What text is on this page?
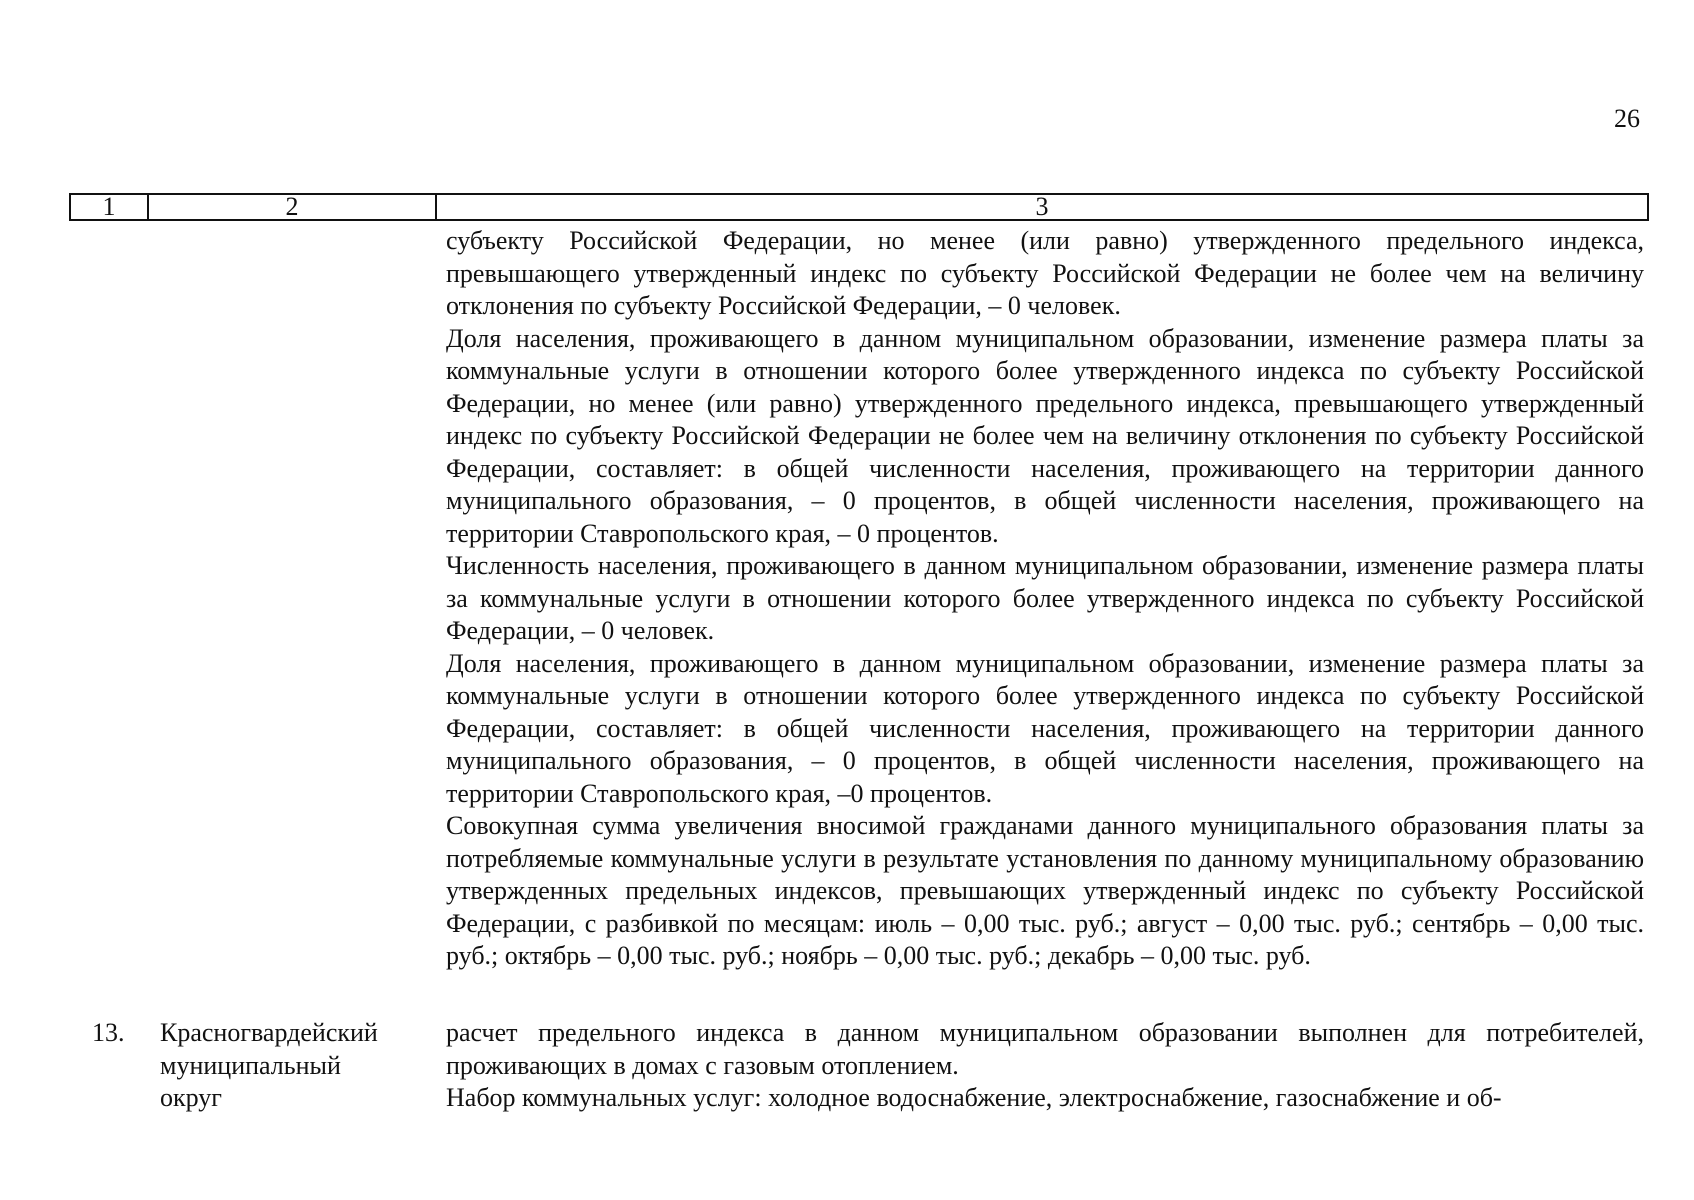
26
1	2	3

субъекту Российской Федерации, но менее (или равно) утвержденного предельного индекса, превышающего утвержденный индекс по субъекту Российской Федерации не более чем на величину отклонения по субъекту Российской Федерации, – 0 человек.

Доля населения, проживающего в данном муниципальном образовании, изменение размера платы за коммунальные услуги в отношении которого более утвержденного индекса по субъекту Российской Федерации, но менее (или равно) утвержденного предельного индекса, превышающего утвержденный индекс по субъекту Российской Федерации не более чем на величину отклонения по субъекту Российской Федерации, составляет: в общей численности населения, проживающего на территории данного муниципального образования, – 0 процентов, в общей численности населения, проживающего на территории Ставропольского края, – 0 процентов.

Численность населения, проживающего в данном муниципальном образовании, изменение размера платы за коммунальные услуги в отношении которого более утвержденного индекса по субъекту Российской Федерации, – 0 человек.

Доля населения, проживающего в данном муниципальном образовании, изменение размера платы за коммунальные услуги в отношении которого более утвержденного индекса по субъекту Российской Федерации, составляет: в общей численности населения, проживающего на территории данного муниципального образования, – 0 процентов, в общей численности населения, проживающего на территории Ставропольского края, –0 процентов.

Совокупная сумма увеличения вносимой гражданами данного муниципального образования платы за потребляемые коммунальные услуги в результате установления по данному муниципальному образованию утвержденных предельных индексов, превышающих утвержденный индекс по субъекту Российской Федерации, с разбивкой по месяцам: июль – 0,00 тыс. руб.; август – 0,00 тыс. руб.; сентябрь – 0,00 тыс. руб.; октябрь – 0,00 тыс. руб.; ноябрь – 0,00 тыс. руб.; декабрь – 0,00 тыс. руб.

13. Красногвардейский
муниципальный
округ

расчет предельного индекса в данном муниципальном образовании выполнен для потребителей, проживающих в домах с газовым отоплением.

Набор коммунальных услуг: холодное водоснабжение, электроснабжение, газоснабжение и об-
